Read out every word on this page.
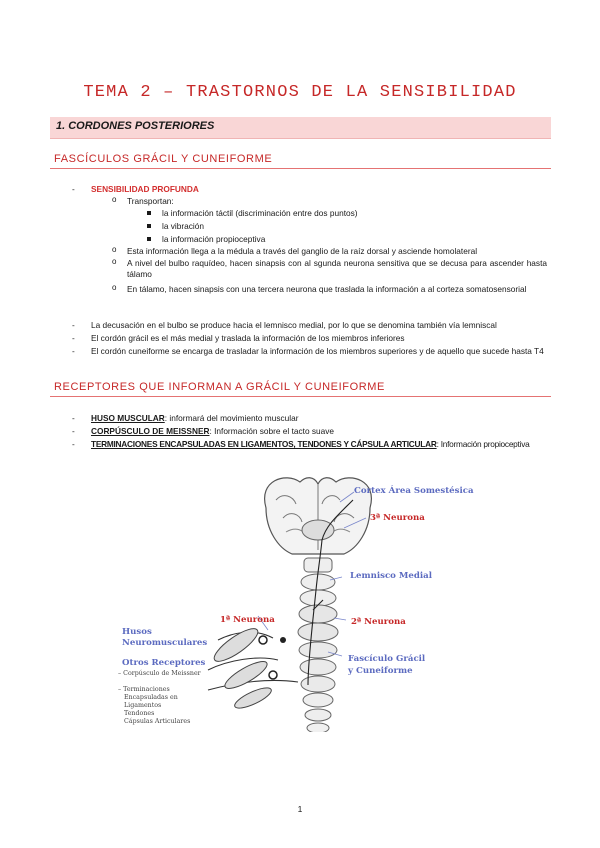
TEMA 2 – TRASTORNOS DE LA SENSIBILIDAD
1. CORDONES POSTERIORES
FASCÍCULOS GRÁCIL Y CUNEIFORME
- SENSIBILIDAD PROFUNDA
o Transportan:
la información táctil (discriminación entre dos puntos)
la vibración
la información propioceptiva
o Esta información llega a la médula a través del ganglio de la raíz dorsal y asciende homolateral
o A nivel del bulbo raquídeo, hacen sinapsis con al sgunda neurona sensitiva que se decusa para ascender hasta tálamo
o En tálamo, hacen sinapsis con una tercera neurona que traslada la información a al corteza somatosensorial
- La decusación en el bulbo se produce hacia el lemnisco medial, por lo que se denomina también vía lemniscal
- El cordón grácil es el más medial y traslada la información de los miembros inferiores
- El cordón cuneiforme se encarga de trasladar la información de los miembros superiores y de aquello que sucede hasta T4
RECEPTORES QUE INFORMAN A GRÁCIL Y CUNEIFORME
- HUSO MUSCULAR: informará del movimiento muscular
- CORPÚSCULO DE MEISSNER: Información sobre el tacto suave
- TERMINACIONES ENCAPSULADAS EN LIGAMENTOS, TENDONES Y CÁPSULA ARTICULAR: Información propioceptiva
Cortex Área Somestésica
3ª Neurona
Lemnisco Medial
1ª Neurona	2ª Neurona
Husos
Neuromusculares
Otros Receptores
– Corpúsculo de Meissner
– Terminaciones
Encapsuladas en
Ligamentos
Tendones
Cápsulas Articulares
Fascículo Grácil
y Cuneiforme
1
